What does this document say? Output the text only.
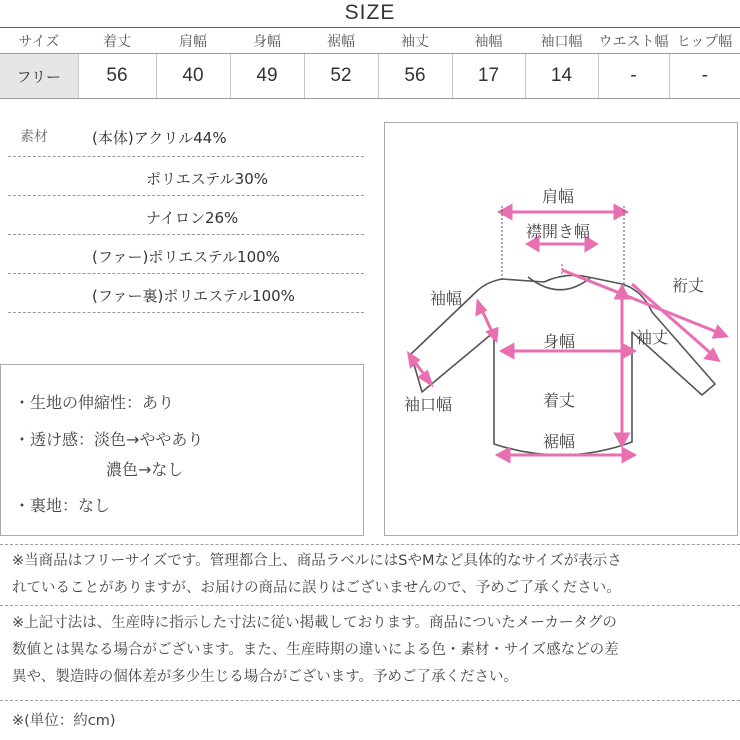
SIZE
サイズ	着丈	肩幅	身幅	裾幅	袖丈	袖幅	袖口幅	ウエスト幅	ヒップ幅
フリー	56	40	49	52	56	17	14	-	-
素材	(本体)アクリル44%
ポリエステル30%
ナイロン26%
(ファー)ポリエステル100%
(ファー裏)ポリエステル100%
・生地の伸縮性：あり
・透け感：淡色→ややあり
濃色→なし
・裏地：なし
肩幅
襟開き幅
裄丈
袖幅
袖丈
身幅
袖口幅	着丈
裾幅
※当商品はフリーサイズです。管理都合上、商品ラベルにはSやMなど具体的なサイズが表示さ
れていることがありますが、お届けの商品に誤りはございませんので、予めご了承ください。
※上記寸法は、生産時に指示した寸法に従い掲載しております。商品についたメーカータグの
数値とは異なる場合がございます。また、生産時期の違いによる色・素材・サイズ感などの差
異や、製造時の個体差が多少生じる場合がございます。予めご了承ください。
※(単位：約cm)
